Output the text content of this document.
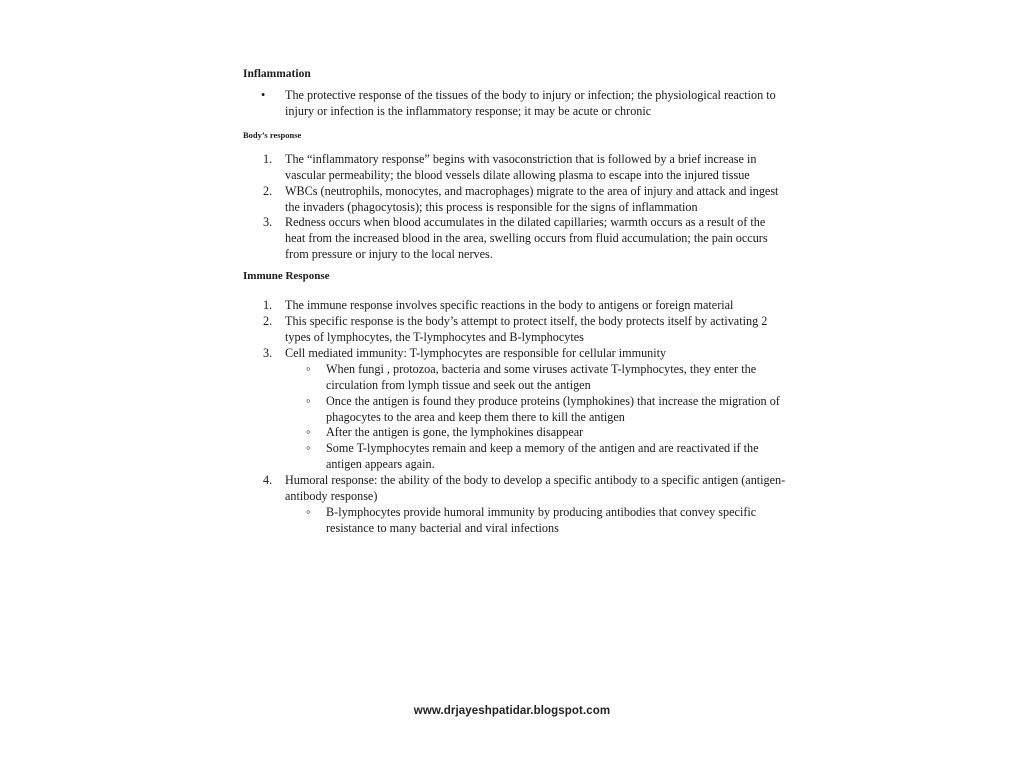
Inflammation
• The protective response of the tissues of the body to injury or infection; the physiological reaction to injury or infection is the inflammatory response; it may be acute or chronic
Body’s response
1. The “inflammatory response” begins with vasoconstriction that is followed by a brief increase in vascular permeability; the blood vessels dilate allowing plasma to escape into the injured tissue
2. WBCs (neutrophils, monocytes, and macrophages) migrate to the area of injury and attack and ingest the invaders (phagocytosis); this process is responsible for the signs of inflammation
3. Redness occurs when blood accumulates in the dilated capillaries; warmth occurs as a result of the heat from the increased blood in the area, swelling occurs from fluid accumulation; the pain occurs from pressure or injury to the local nerves.
Immune Response
1. The immune response involves specific reactions in the body to antigens or foreign material
2. This specific response is the body’s attempt to protect itself, the body protects itself by activating 2 types of lymphocytes, the T-lymphocytes and B-lymphocytes
3. Cell mediated immunity: T-lymphocytes are responsible for cellular immunity
◦ When fungi , protozoa, bacteria and some viruses activate T-lymphocytes, they enter the circulation from lymph tissue and seek out the antigen
◦ Once the antigen is found they produce proteins (lymphokines) that increase the migration of phagocytes to the area and keep them there to kill the antigen
◦ After the antigen is gone, the lymphokines disappear
◦ Some T-lymphocytes remain and keep a memory of the antigen and are reactivated if the antigen appears again.
4. Humoral response: the ability of the body to develop a specific antibody to a specific antigen (antigen-antibody response)
◦ B-lymphocytes provide humoral immunity by producing antibodies that convey specific resistance to many bacterial and viral infections
www.drjayeshpatidar.blogspot.com
